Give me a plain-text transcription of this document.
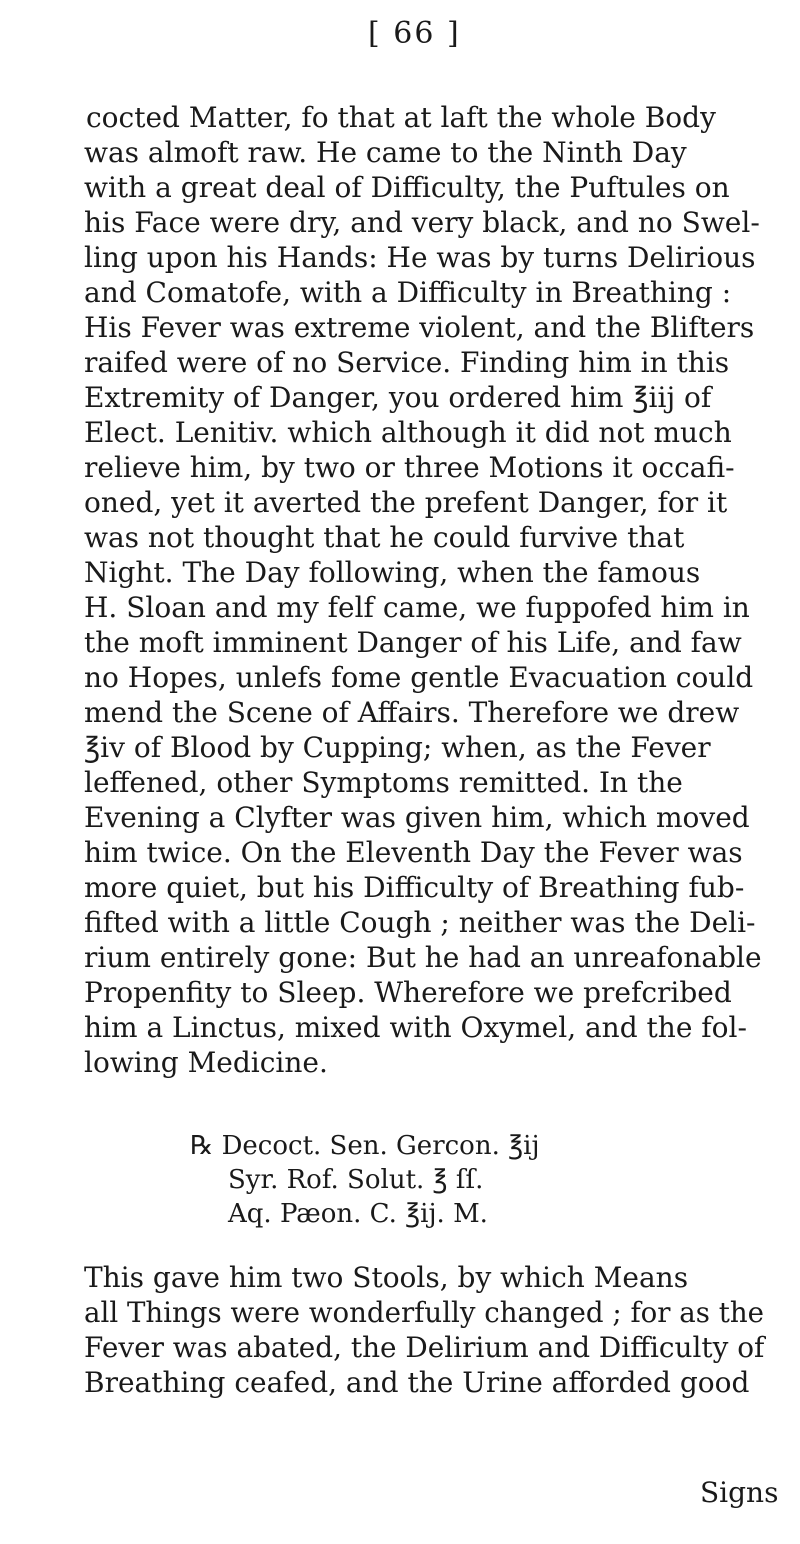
[ 66 ]
cocted Matter, fo that at laft the whole Body
was almoft raw. He came to the Ninth Day
with a great deal of Difficulty, the Puftules on
his Face were dry, and very black, and no Swel-
ling upon his Hands: He was by turns Delirious
and Comatofe, with a Difficulty in Breathing :
His Fever was extreme violent, and the Blifters
raifed were of no Service. Finding him in this
Extremity of Danger, you ordered him ℥iij of
Elect. Lenitiv. which although it did not much
relieve him, by two or three Motions it occafi-
oned, yet it averted the prefent Danger, for it
was not thought that he could furvive that
Night. The Day following, when the famous
H. Sloan and my felf came, we fuppofed him in
the moft imminent Danger of his Life, and faw
no Hopes, unlefs fome gentle Evacuation could
mend the Scene of Affairs. Therefore we drew
℥iv of Blood by Cupping; when, as the Fever
leffened, other Symptoms remitted. In the
Evening a Clyfter was given him, which moved
him twice. On the Eleventh Day the Fever was
more quiet, but his Difficulty of Breathing fub-
fifted with a little Cough ; neither was the Deli-
rium entirely gone: But he had an unreafonable
Propenfity to Sleep. Wherefore we prefcribed
him a Linctus, mixed with Oxymel, and the fol-
lowing Medicine.
℞ Decoct. Sen. Gercon. ℥ij
Syr. Rof. Solut. ℥ ſſ.
Aq. Pæon. C. ℥ij. M.
This gave him two Stools, by which Means
all Things were wonderfully changed ; for as the
Fever was abated, the Delirium and Difficulty of
Breathing ceafed, and the Urine afforded good
Signs
